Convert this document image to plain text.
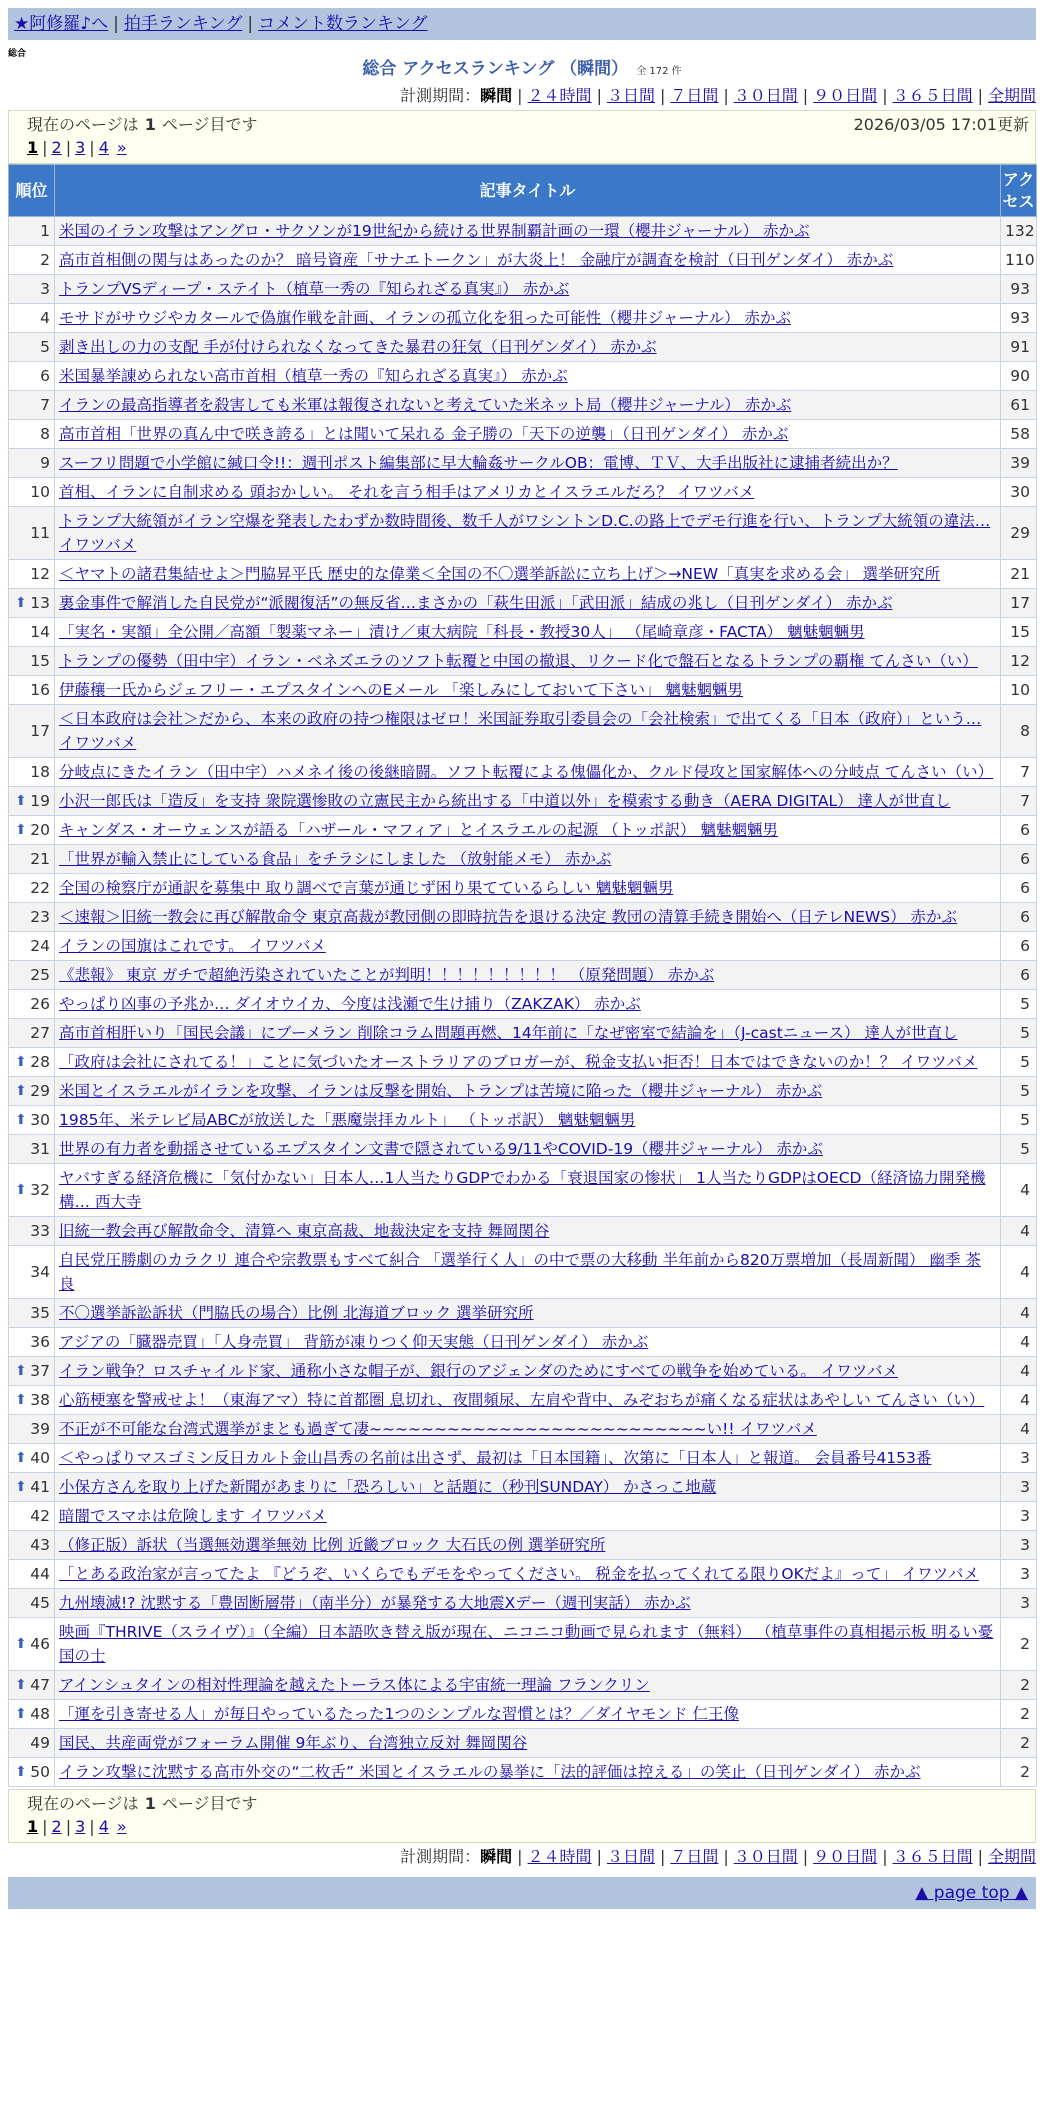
★阿修羅♪へ | 拍手ランキング | コメント数ランキング
総合
総合 アクセスランキング （瞬間） 全 172 件
計測期間：瞬間 | ２４時間 | ３日間 | ７日間 | ３０日間 | ９０日間 | ３６５日間 | 全期間
現在のページは 1 ページ目です	2026/03/05 17:01更新
1 | 2 | 3 | 4 »
順位	記事タイトル	アクセス
1	米国のイラン攻撃はアングロ・サクソンが19世紀から続ける世界制覇計画の一環（櫻井ジャーナル） 赤かぶ	132
2	高市首相側の関与はあったのか？ 暗号資産「サナエトークン」が大炎上！ 金融庁が調査を検討（日刊ゲンダイ） 赤かぶ	110
3	トランプVSディープ・ステイト（植草一秀の『知られざる真実』） 赤かぶ	93
4	モサドがサウジやカタールで偽旗作戦を計画、イランの孤立化を狙った可能性（櫻井ジャーナル） 赤かぶ	93
5	剥き出しの力の支配 手が付けられなくなってきた暴君の狂気（日刊ゲンダイ） 赤かぶ	91
6	米国暴挙諌められない高市首相（植草一秀の『知られざる真実』） 赤かぶ	90
7	イランの最高指導者を殺害しても米軍は報復されないと考えていた米ネット局（櫻井ジャーナル） 赤かぶ	61
8	高市首相「世界の真ん中で咲き誇る」とは聞いて呆れる 金子勝の「天下の逆襲」（日刊ゲンダイ） 赤かぶ	58
9	スーフリ問題で小学館に緘口令!!：週刊ポスト編集部に早大輪姦サークルOB：電博、ＴＶ、大手出版社に逮捕者続出か？	39
10	首相、イランに自制求める 頭おかしい。 それを言う相手はアメリカとイスラエルだろ？ イワツバメ	30
11	トランプ大統領がイラン空爆を発表したわずか数時間後、数千人がワシントンD.C.の路上でデモ行進を行い、トランプ大統領の違法… イワツバメ	29
12	＜ヤマトの諸君集結せよ＞門脇昇平氏 歴史的な偉業＜全国の不〇選挙訴訟に立ち上げ＞→NEW「真実を求める会」 選挙研究所	21

⬆ 13	裏金事件で解消した自民党が“派閥復活”の無反省…まさかの「萩生田派」「武田派」結成の兆し（日刊ゲンダイ） 赤かぶ	17
14	「実名・実額」全公開／高額「製薬マネー」漬け／東大病院「科長・教授30人」 （尾崎章彦・FACTA） 魑魅魍魎男	15
15	トランプの優勢（田中宇）イラン・ベネズエラのソフト転覆と中国の撤退、リクード化で盤石となるトランプの覇権 てんさい（い）	12
16	伊藤穰一氏からジェフリー・エプスタインへのEメール 「楽しみにしておいて下さい」 魑魅魍魎男	10
17	＜日本政府は会社＞だから、本来の政府の持つ権限はゼロ！米国証券取引委員会の「会社検索」で出てくる「日本（政府）」という… イワツバメ	8
18	分岐点にきたイラン（田中宇）ハメネイ後の後継暗闘。ソフト転覆による傀儡化か、クルド侵攻と国家解体への分岐点 てんさい（い）	7

⬆ 19	小沢一郎氏は「造反」を支持 衆院選惨敗の立憲民主から統出する「中道以外」を模索する動き（AERA DIGITAL） 達人が世直し	7

⬆ 20	キャンダス・オーウェンスが語る「ハザール・マフィア」とイスラエルの起源 （トッポ訳） 魑魅魍魎男	6
21	「世界が輸入禁止にしている食品」をチラシにしました （放射能メモ） 赤かぶ	6
22	全国の検察庁が通訳を募集中 取り調べで言葉が通じず困り果てているらしい 魑魅魍魎男	6
23	＜速報＞旧統一教会に再び解散命令 東京高裁が教団側の即時抗告を退ける決定 教団の清算手続き開始へ（日テレNEWS） 赤かぶ	6
24	イランの国旗はこれです。 イワツバメ	6
25	《悲報》 東京 ガチで超絶汚染されていたことが判明！！！！！！！！！ （原発問題） 赤かぶ	6
26	やっぱり凶事の予兆か… ダイオウイカ、今度は浅瀬で生け捕り（ZAKZAK） 赤かぶ	5
27	高市首相肝いり「国民会議」にブーメラン 削除コラム問題再燃、14年前に「なぜ密室で結論を」（J-castニュース） 達人が世直し	5

⬆ 28	「政府は会社にされてる！」ことに気づいたオーストラリアのブロガーが、税金支払い拒否！日本ではできないのか！？ イワツバメ	5

⬆ 29	米国とイスラエルがイランを攻撃、イランは反撃を開始、トランプは苦境に陥った（櫻井ジャーナル） 赤かぶ	5

⬆ 30	1985年、米テレビ局ABCが放送した「悪魔崇拝カルト」 （トッポ訳） 魑魅魍魎男	5
31	世界の有力者を動揺させているエプスタイン文書で隠されている9/11やCOVID-19（櫻井ジャーナル） 赤かぶ	5

⬆ 32	ヤバすぎる経済危機に「気付かない」日本人…1人当たりGDPでわかる「衰退国家の惨状」 1人当たりGDPはOECD（経済協力開発機構… 西大寺	4
33	旧統一教会再び解散命令、清算へ 東京高裁、地裁決定を支持 舞岡関谷	4
34	自民党圧勝劇のカラクリ 連合や宗教票もすべて糾合 「選挙行く人」の中で票の大移動 半年前から820万票増加（長周新聞） 幽季 茶良	4
35	不〇選挙訴訟訴状（門脇氏の場合）比例 北海道ブロック 選挙研究所	4
36	アジアの「臓器売買」「人身売買」 背筋が凍りつく仰天実態（日刊ゲンダイ） 赤かぶ	4

⬆ 37	イラン戦争？ロスチャイルド家、通称小さな帽子が、銀行のアジェンダのためにすべての戦争を始めている。 イワツバメ	4

⬆ 38	心筋梗塞を警戒せよ！（東海アマ）特に首都圏 息切れ、夜間頻尿、左肩や背中、みぞおちが痛くなる症状はあやしい てんさい（い）	4
39	不正が不可能な台湾式選挙がまとも過ぎて凄~~~~~~~~~~~~~~~~~~~~~~~~~~い!! イワツバメ	4

⬆ 40	＜やっぱりマスゴミン反日カルト金山昌秀の名前は出さず、最初は「日本国籍」、次第に「日本人」と報道。 会員番号4153番	3

⬆ 41	小保方さんを取り上げた新聞があまりに「恐ろしい」と話題に（秒刊SUNDAY） かさっこ地蔵	3
42	暗闇でスマホは危険します イワツバメ	3
43	（修正版）訴状（当選無効選挙無効 比例 近畿ブロック 大石氏の例 選挙研究所	3
44	「とある政治家が言ってたよ 『どうぞ、いくらでもデモをやってください。 税金を払ってくれてる限りOKだよ』って」 イワツバメ	3
45	九州壊滅!? 沈黙する「豊固断層帯」（南半分）が暴発する大地震Xデー（週刊実話） 赤かぶ	3

⬆ 46	映画『THRIVE（スライヴ）』（全編）日本語吹き替え版が現在、ニコニコ動画で見られます（無料） （植草事件の真相掲示板 明るい憂国の士	2

⬆ 47	アインシュタインの相対性理論を越えたトーラス体による宇宙統一理論 フランクリン	2

⬆ 48	「運を引き寄せる人」が毎日やっているたった1つのシンプルな習慣とは？／ダイヤモンド 仁王像	2
49	国民、共産両党がフォーラム開催 9年ぶり、台湾独立反対 舞岡関谷	2

⬆ 50	イラン攻撃に沈黙する高市外交の“二枚舌” 米国とイスラエルの暴挙に「法的評価は控える」の笑止（日刊ゲンダイ） 赤かぶ	2
現在のページは 1 ページ目です
1 | 2 | 3 | 4 »
計測期間：瞬間 | ２４時間 | ３日間 | ７日間 | ３０日間 | ９０日間 | ３６５日間 | 全期間
▲ page top ▲
